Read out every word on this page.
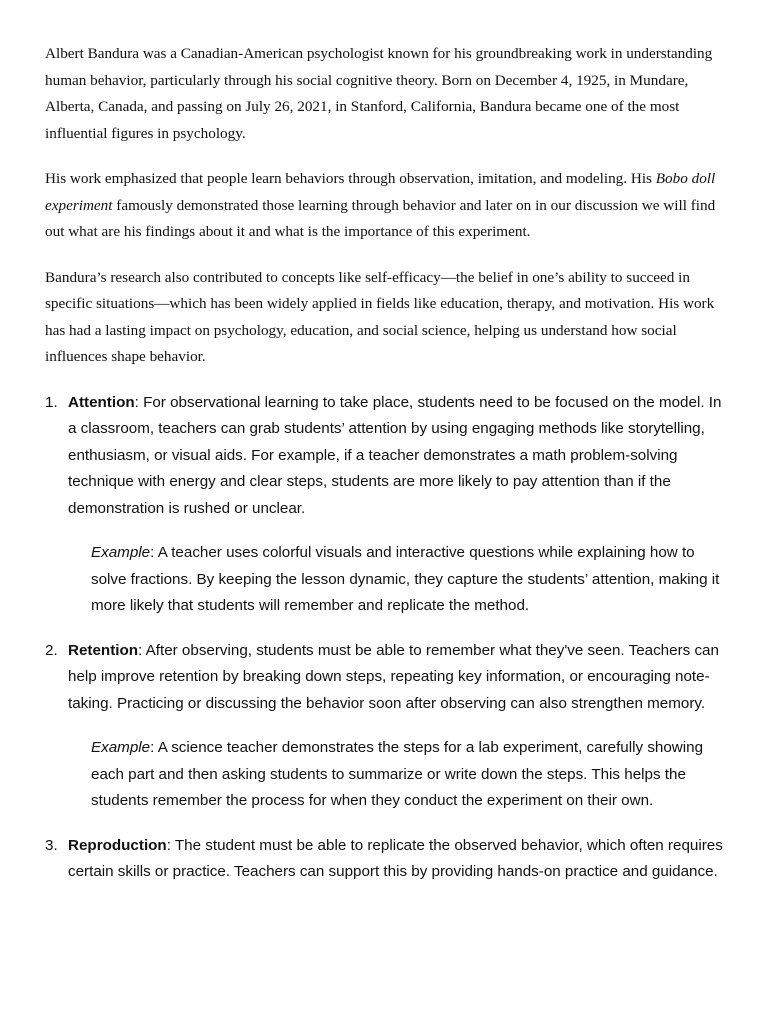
Albert Bandura was a Canadian-American psychologist known for his groundbreaking work in understanding human behavior, particularly through his social cognitive theory. Born on December 4, 1925, in Mundare, Alberta, Canada, and passing on July 26, 2021, in Stanford, California, Bandura became one of the most influential figures in psychology.

His work emphasized that people learn behaviors through observation, imitation, and modeling. His Bobo doll experiment famously demonstrated those learning through behavior and later on in our discussion we will find out what are his findings about it and what is the importance of this experiment.

Bandura’s research also contributed to concepts like self-efficacy—the belief in one’s ability to succeed in specific situations—which has been widely applied in fields like education, therapy, and motivation. His work has had a lasting impact on psychology, education, and social science, helping us understand how social influences shape behavior.

1. Attention: For observational learning to take place, students need to be focused on the model. In a classroom, teachers can grab students’ attention by using engaging methods like storytelling, enthusiasm, or visual aids. For example, if a teacher demonstrates a math problem-solving technique with energy and clear steps, students are more likely to pay attention than if the demonstration is rushed or unclear.
Example: A teacher uses colorful visuals and interactive questions while explaining how to solve fractions. By keeping the lesson dynamic, they capture the students’ attention, making it more likely that students will remember and replicate the method.
2. Retention: After observing, students must be able to remember what they've seen. Teachers can help improve retention by breaking down steps, repeating key information, or encouraging note-taking. Practicing or discussing the behavior soon after observing can also strengthen memory.
Example: A science teacher demonstrates the steps for a lab experiment, carefully showing each part and then asking students to summarize or write down the steps. This helps the students remember the process for when they conduct the experiment on their own.
3. Reproduction: The student must be able to replicate the observed behavior, which often requires certain skills or practice. Teachers can support this by providing hands-on practice and guidance.
